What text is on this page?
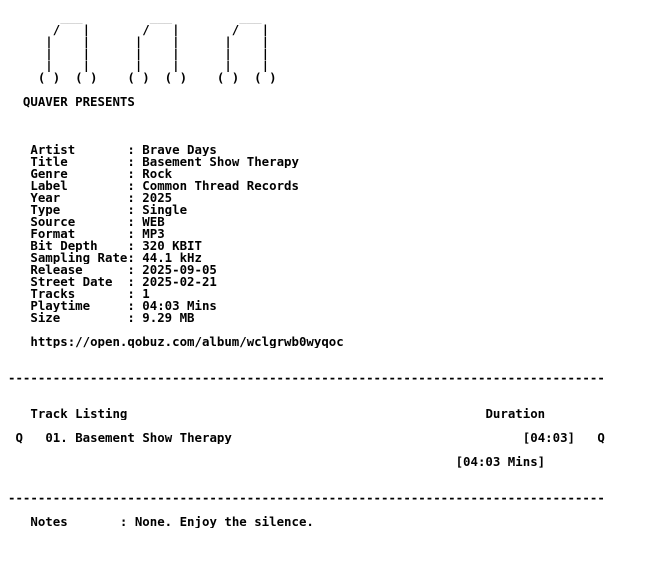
___         ___         ___
/   |       /   |       /   |
|    |      |    |      |    |
|    |      |    |      |    |
|    |      |    |      |    |
( )  ( )    ( )  ( )    ( )  ( )

QUAVER PRESENTS

Artist       : Brave Days
Title        : Basement Show Therapy
Genre        : Rock
Label        : Common Thread Records
Year         : 2025
Type         : Single
Source       : WEB
Format       : MP3
Bit Depth    : 320 KBIT
Sampling Rate: 44.1 kHz
Release      : 2025-09-05
Street Date  : 2025-02-21
Tracks       : 1
Playtime     : 04:03 Mins
Size         : 9.29 MB

https://open.qobuz.com/album/wclgrwb0wyqoc

--------------------------------------------------------------------------------

Track Listing	Duration

Q 01. Basement Show Therapy	[04:03] Q

[04:03 Mins]

--------------------------------------------------------------------------------

Notes       : None. Enjoy the silence.
